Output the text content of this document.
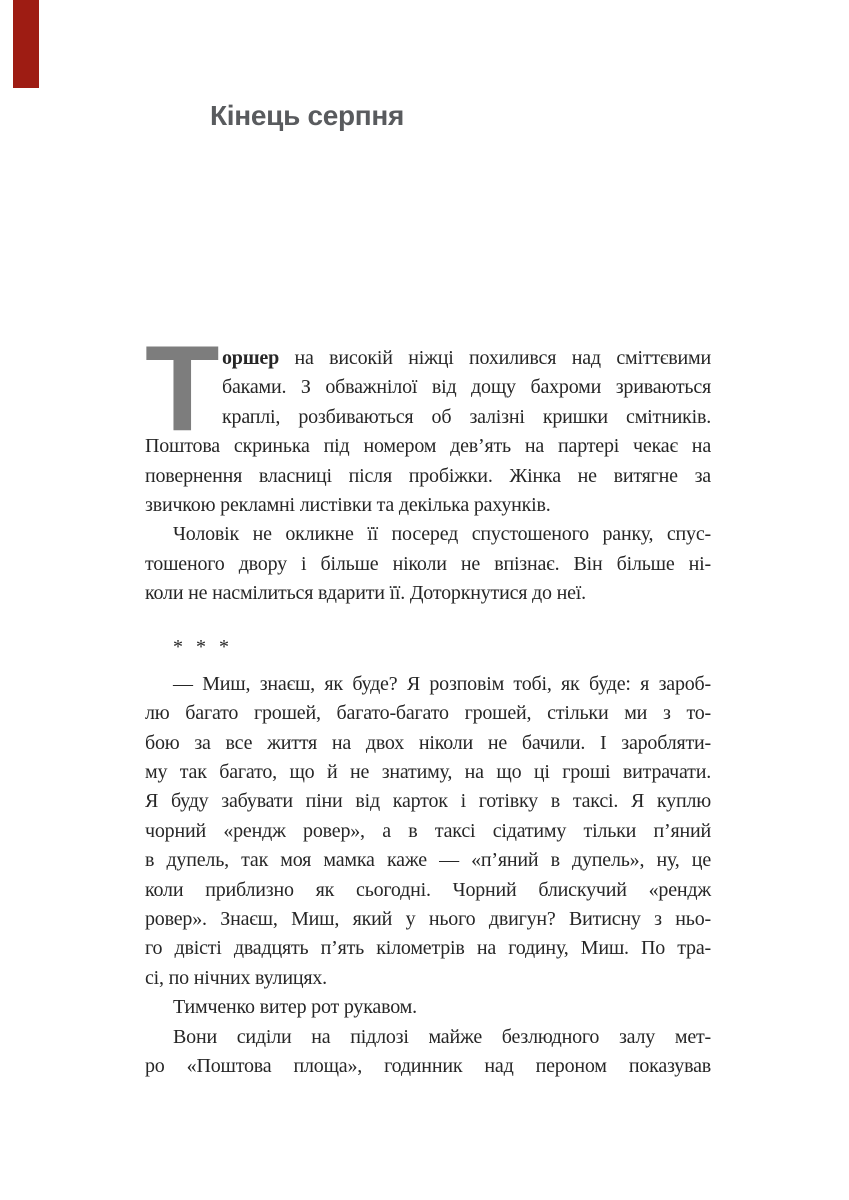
Кінець серпня
Т оршер на високій ніжці похилився над сміттєвими
баками. З обважнілої від дощу бахроми зриваються
краплі, розбиваються об залізні кришки смітників.
Поштова скринька під номером дев’ять на партері чекає на
повернення власниці після пробіжки. Жінка не витягне за
звичкою рекламні листівки та декілька рахунків.
Чоловік не окликне її посеред спустошеного ранку, спус-
тошеного двору і більше ніколи не впізнає. Він більше ні-
коли не насмілиться вдарити її. Доторкнутися до неї.
* * *
— Миш, знаєш, як буде? Я розповім тобі, як буде: я зароб-
лю багато грошей, багато-багато грошей, стільки ми з то-
бою за все життя на двох ніколи не бачили. І заробляти-
му так багато, що й не знатиму, на що ці гроші витрачати.
Я буду забувати піни від карток і готівку в таксі. Я куплю
чорний «рендж ровер», а в таксі сідатиму тільки п’яний
в дупель, так моя мамка каже — «п’яний в дупель», ну, це
коли приблизно як сьогодні. Чорний блискучий «рендж
ровер». Знаєш, Миш, який у нього двигун? Витисну з ньо-
го двісті двадцять п’ять кілометрів на годину, Миш. По тра-
сі, по нічних вулицях.
Тимченко витер рот рукавом.
Вони сиділи на підлозі майже безлюдного залу мет-
ро «Поштова площа», годинник над пероном показував
